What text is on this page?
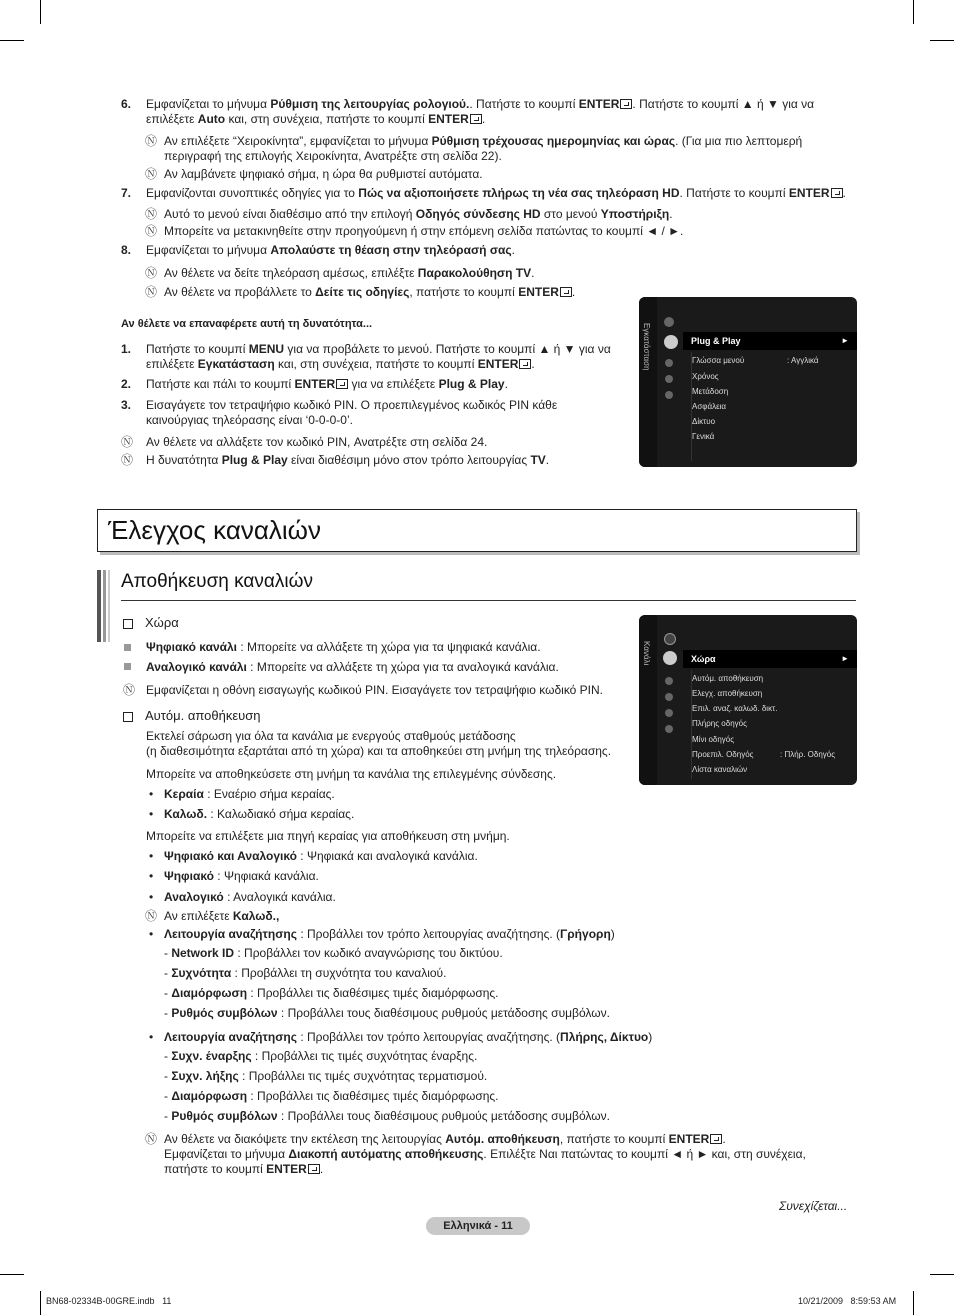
6. Εμφανίζεται το μήνυμα Ρύθμιση της λειτουργίας ρολογιού.. Πατήστε το κουμπί ENTER . Πατήστε το κουμπί ▲ ή ▼ για να
επιλέξετε Auto και, στη συνέχεια, πατήστε το κουμπί ENTER .
Ⓝ Αν επιλέξετε “Χειροκίνητα”, εμφανίζεται το μήνυμα Ρύθμιση τρέχουσας ημερομηνίας και ώρας. (Για μια πιο λεπτομερή
περιγραφή της επιλογής Χειροκίνητα, Ανατρέξτε στη σελίδα 22).
Ⓝ Αν λαμβάνετε ψηφιακό σήμα, η ώρα θα ρυθμιστεί αυτόματα.
7. Εμφανίζονται συνοπτικές οδηγίες για το Πώς να αξιοποιήσετε πλήρως τη νέα σας τηλεόραση HD. Πατήστε το κουμπί ENTER .
Ⓝ Αυτό το μενού είναι διαθέσιμο από την επιλογή Οδηγός σύνδεσης HD στο μενού Υποστήριξη.
Ⓝ Μπορείτε να μετακινηθείτε στην προηγούμενη ή στην επόμενη σελίδα πατώντας το κουμπί ◄ / ►.
8. Εμφανίζεται το μήνυμα Απολαύστε τη θέαση στην τηλεόρασή σας.
Ⓝ Αν θέλετε να δείτε τηλεόραση αμέσως, επιλέξτε Παρακολούθηση TV.
Ⓝ Αν θέλετε να προβάλλετε το Δείτε τις οδηγίες, πατήστε το κουμπί ENTER .
Αν θέλετε να επαναφέρετε αυτή τη δυνατότητα...
1. Πατήστε το κουμπί MENU για να προβάλετε το μενού. Πατήστε το κουμπί ▲ ή ▼ για να
επιλέξετε Εγκατάσταση και, στη συνέχεια, πατήστε το κουμπί ENTER .
2. Πατήστε και πάλι το κουμπί ENTER για να επιλέξετε Plug & Play.
3. Εισαγάγετε τον τετραψήφιο κωδικό PIN. Ο προεπιλεγμένος κωδικός PIN κάθε
καινούργιας τηλεόρασης είναι ‘0-0-0-0’.
Ⓝ Αν θέλετε να αλλάξετε τον κωδικό PIN, Ανατρέξτε στη σελίδα 24.
Ⓝ Η δυνατότητα Plug & Play είναι διαθέσιμη μόνο στον τρόπο λειτουργίας TV.
Εγκατάσταση	Plug & Play	►
Γλώσσα μενού	: Αγγλικά
Χρόνος
Μετάδοση
Ασφάλεια
Δίκτυο
Γενικά
Έλεγχος καναλιών
Αποθήκευση καναλιών
Χώρα
Ψηφιακό κανάλι : Μπορείτε να αλλάξετε τη χώρα για τα ψηφιακά κανάλια.
Αναλογικό κανάλι : Μπορείτε να αλλάξετε τη χώρα για τα αναλογικά κανάλια.
Ⓝ Εμφανίζεται η οθόνη εισαγωγής κωδικού PIN. Εισαγάγετε τον τετραψήφιο κωδικό PIN.
Αυτόμ. αποθήκευση
Εκτελεί σάρωση για όλα τα κανάλια με ενεργούς σταθμούς μετάδοσης
(η διαθεσιμότητα εξαρτάται από τη χώρα) και τα αποθηκεύει στη μνήμη της τηλεόρασης.
Μπορείτε να αποθηκεύσετε στη μνήμη τα κανάλια της επιλεγμένης σύνδεσης.
• Κεραία : Εναέριο σήμα κεραίας.
• Καλωδ. : Καλωδιακό σήμα κεραίας.
Μπορείτε να επιλέξετε μια πηγή κεραίας για αποθήκευση στη μνήμη.
• Ψηφιακό και Αναλογικό : Ψηφιακά και αναλογικά κανάλια.
• Ψηφιακό : Ψηφιακά κανάλια.
• Αναλογικό : Αναλογικά κανάλια.
Ⓝ Αν επιλέξετε Καλωδ.,
• Λειτουργία αναζήτησης : Προβάλλει τον τρόπο λειτουργίας αναζήτησης. (Γρήγορη)
- Network ID : Προβάλλει τον κωδικό αναγνώρισης του δικτύου.
- Συχνότητα : Προβάλλει τη συχνότητα του καναλιού.
- Διαμόρφωση : Προβάλλει τις διαθέσιμες τιμές διαμόρφωσης.
- Ρυθμός συμβόλων : Προβάλλει τους διαθέσιμους ρυθμούς μετάδοσης συμβόλων.
• Λειτουργία αναζήτησης : Προβάλλει τον τρόπο λειτουργίας αναζήτησης. (Πλήρης, Δίκτυο)
- Συχν. έναρξης : Προβάλλει τις τιμές συχνότητας έναρξης.
- Συχν. λήξης : Προβάλλει τις τιμές συχνότητας τερματισμού.
- Διαμόρφωση : Προβάλλει τις διαθέσιμες τιμές διαμόρφωσης.
- Ρυθμός συμβόλων : Προβάλλει τους διαθέσιμους ρυθμούς μετάδοσης συμβόλων.
Ⓝ Αν θέλετε να διακόψετε την εκτέλεση της λειτουργίας Αυτόμ. αποθήκευση, πατήστε το κουμπί ENTER .
Εμφανίζεται το μήνυμα Διακοπή αυτόματης αποθήκευσης. Επιλέξτε Ναι πατώντας το κουμπί ◄ ή ► και, στη συνέχεια,
πατήστε το κουμπί ENTER .
Κανάλι	Χώρα	►
Αυτόμ. αποθήκευση
Ελεγχ. αποθήκευση
Επιλ. αναζ. καλωδ. δικτ.
Πλήρης οδηγός
Μίνι οδηγός
Προεπιλ. Οδηγός	: Πλήρ. Οδηγός
Λίστα καναλιών
Συνεχίζεται...
Ελληνικά - 11
BN68-02334B-00GRE.indb   11	10/21/2009   8:59:53 AM
